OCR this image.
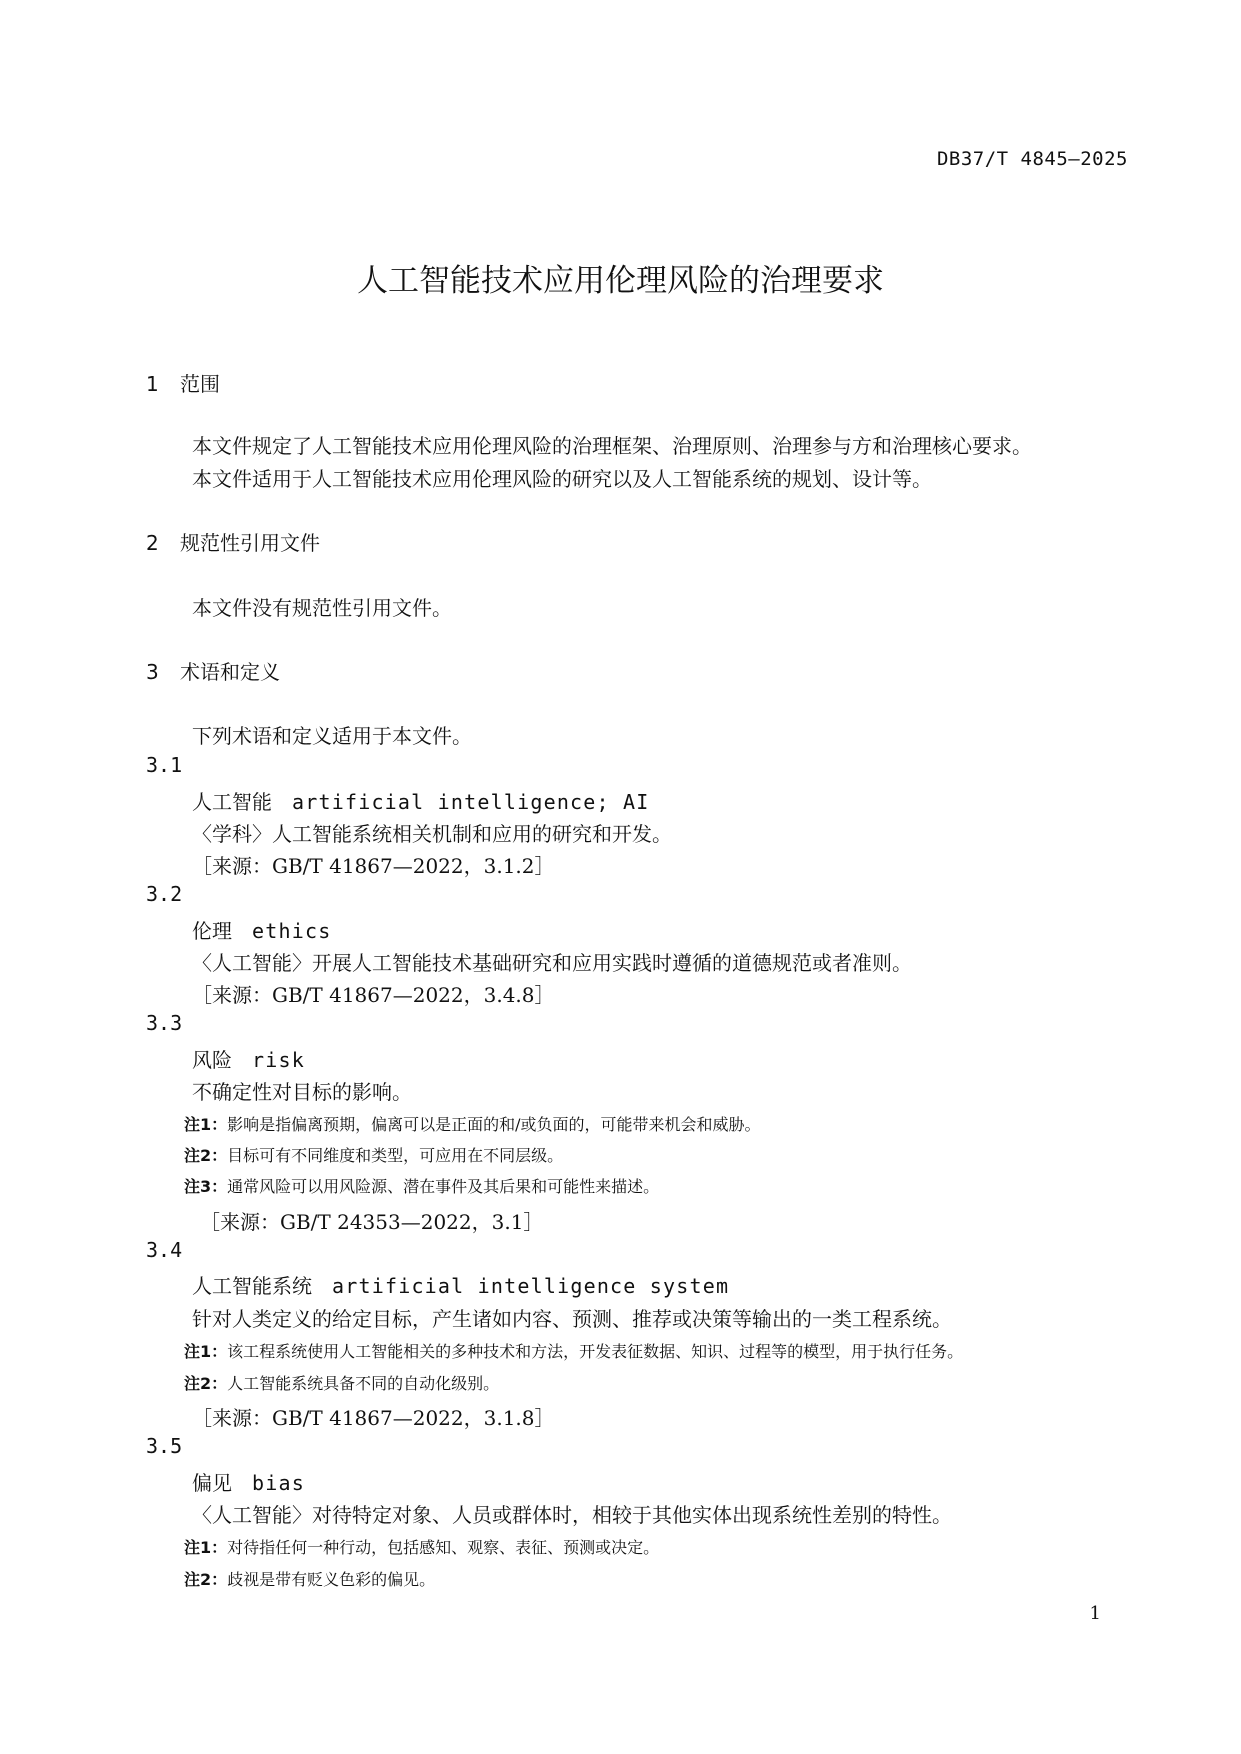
DB37/T 4845—2025
人工智能技术应用伦理风险的治理要求
1 范围
本文件规定了人工智能技术应用伦理风险的治理框架、治理原则、治理参与方和治理核心要求。
本文件适用于人工智能技术应用伦理风险的研究以及人工智能系统的规划、设计等。
2 规范性引用文件
本文件没有规范性引用文件。
3 术语和定义
下列术语和定义适用于本文件。
3.1
人工智能 artificial intelligence; AI
〈学科〉人工智能系统相关机制和应用的研究和开发。
［来源：GB/T 41867—2022，3.1.2］
3.2
伦理 ethics
〈人工智能〉开展人工智能技术基础研究和应用实践时遵循的道德规范或者准则。
［来源：GB/T 41867—2022，3.4.8］
3.3
风险 risk
不确定性对目标的影响。
注1：影响是指偏离预期，偏离可以是正面的和/或负面的，可能带来机会和威胁。
注2：目标可有不同维度和类型，可应用在不同层级。
注3：通常风险可以用风险源、潜在事件及其后果和可能性来描述。
［来源：GB/T 24353—2022，3.1］
3.4
人工智能系统 artificial intelligence system
针对人类定义的给定目标，产生诸如内容、预测、推荐或决策等输出的一类工程系统。
注1：该工程系统使用人工智能相关的多种技术和方法，开发表征数据、知识、过程等的模型，用于执行任务。
注2：人工智能系统具备不同的自动化级别。
［来源：GB/T 41867—2022，3.1.8］
3.5
偏见 bias
〈人工智能〉对待特定对象、人员或群体时，相较于其他实体出现系统性差别的特性。
注1：对待指任何一种行动，包括感知、观察、表征、预测或决定。
注2：歧视是带有贬义色彩的偏见。
1
